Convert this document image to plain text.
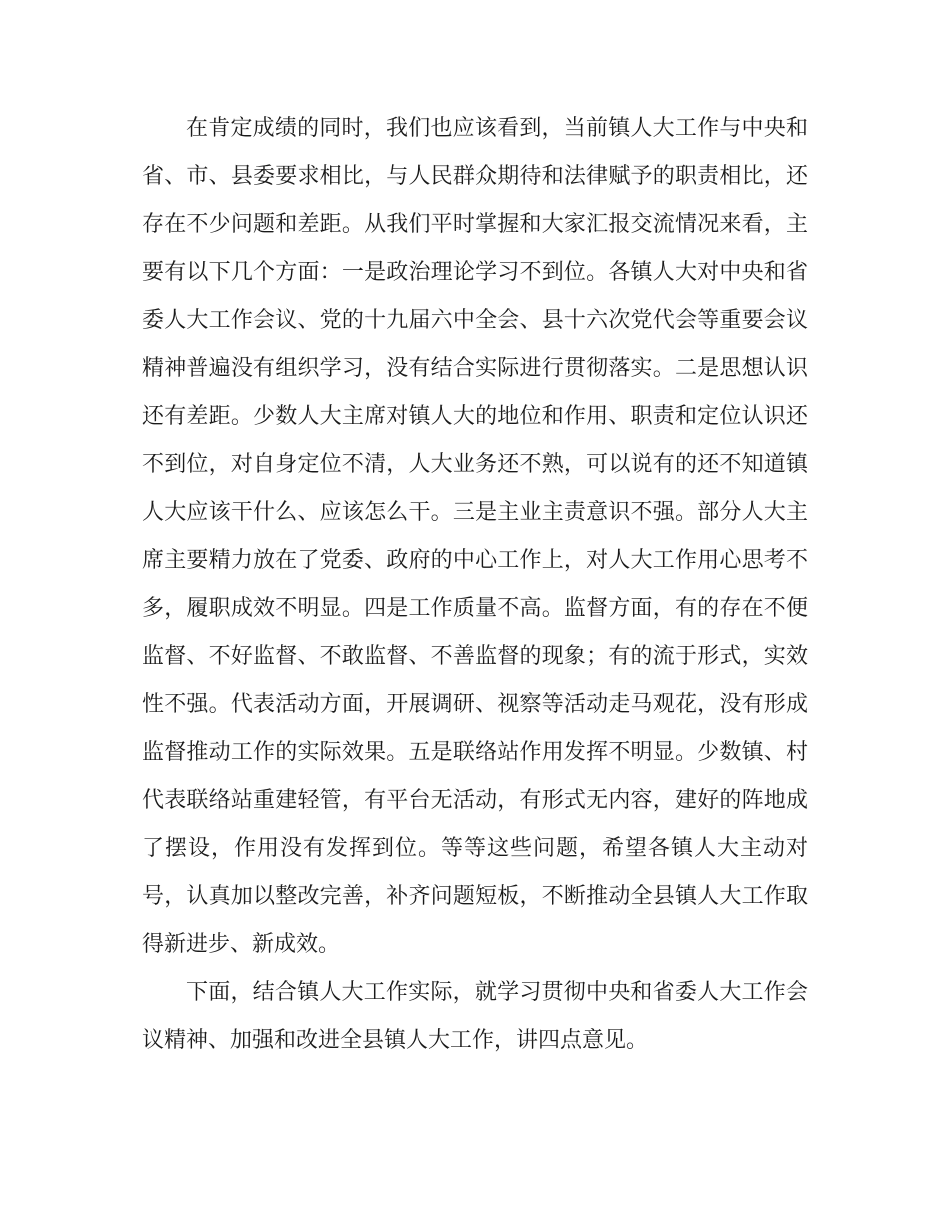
在肯定成绩的同时，我们也应该看到，当前镇人大工作与中央和省、市、县委要求相比，与人民群众期待和法律赋予的职责相比，还存在不少问题和差距。从我们平时掌握和大家汇报交流情况来看，主要有以下几个方面：一是政治理论学习不到位。各镇人大对中央和省委人大工作会议、党的十九届六中全会、县十六次党代会等重要会议精神普遍没有组织学习，没有结合实际进行贯彻落实。二是思想认识还有差距。少数人大主席对镇人大的地位和作用、职责和定位认识还不到位，对自身定位不清，人大业务还不熟，可以说有的还不知道镇人大应该干什么、应该怎么干。三是主业主责意识不强。部分人大主席主要精力放在了党委、政府的中心工作上，对人大工作用心思考不多，履职成效不明显。四是工作质量不高。监督方面，有的存在不便监督、不好监督、不敢监督、不善监督的现象；有的流于形式，实效性不强。代表活动方面，开展调研、视察等活动走马观花，没有形成监督推动工作的实际效果。五是联络站作用发挥不明显。少数镇、村代表联络站重建轻管，有平台无活动，有形式无内容，建好的阵地成了摆设，作用没有发挥到位。等等这些问题，希望各镇人大主动对号，认真加以整改完善，补齐问题短板，不断推动全县镇人大工作取得新进步、新成效。

下面，结合镇人大工作实际，就学习贯彻中央和省委人大工作会议精神、加强和改进全县镇人大工作，讲四点意见。
